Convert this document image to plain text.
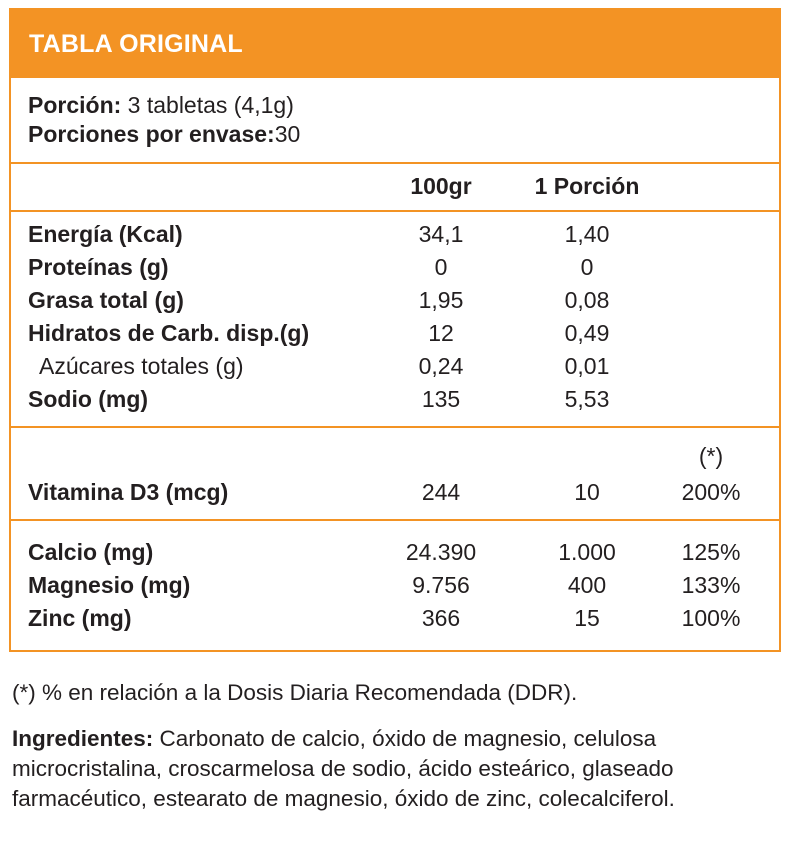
TABLA ORIGINAL
Porción: 3 tabletas (4,1g)
Porciones por envase:30
100gr	1 Porción
Energía (Kcal)	34,1	1,40
Proteínas (g)	0	0
Grasa total (g)	1,95	0,08
Hidratos de Carb. disp.(g)	12	0,49
Azúcares totales (g)	0,24	0,01
Sodio (mg)	135	5,53
(*)
Vitamina D3 (mcg)	244	10	200%
Calcio (mg)	24.390	1.000	125%
Magnesio (mg)	9.756	400	133%
Zinc (mg)	366	15	100%
(*) % en relación a la Dosis Diaria Recomendada (DDR).
Ingredientes: Carbonato de calcio, óxido de magnesio, celulosa microcristalina, croscarmelosa de sodio, ácido esteárico, glaseado farmacéutico, estearato de magnesio, óxido de zinc, colecalciferol.
